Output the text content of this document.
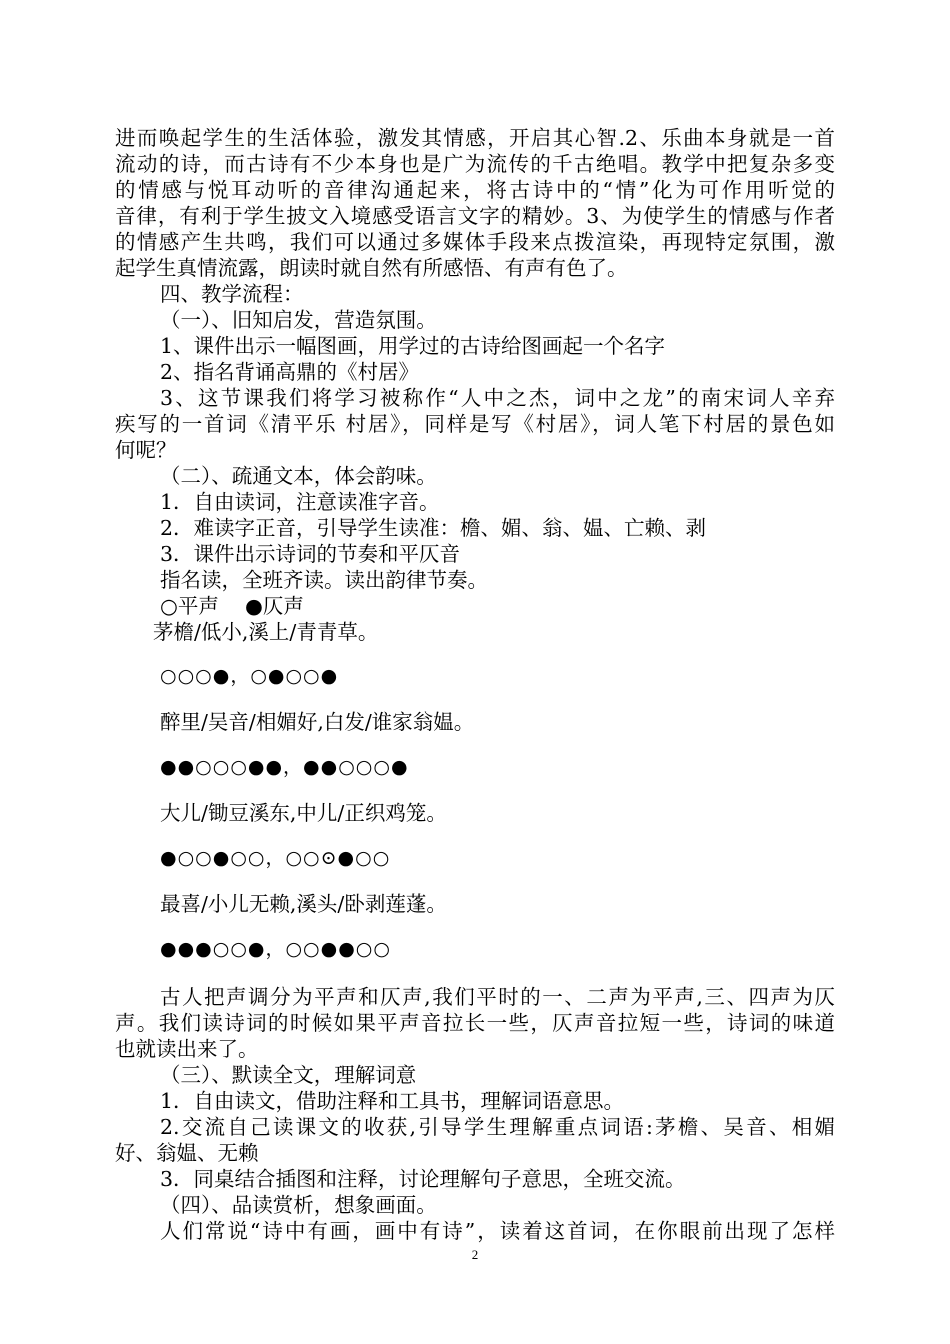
进而唤起学生的生活体验，激发其情感，开启其心智.2、乐曲本身就是一首
流动的诗，而古诗有不少本身也是广为流传的千古绝唱。教学中把复杂多变
的情感与悦耳动听的音律沟通起来，将古诗中的“情”化为可作用听觉的
音律，有利于学生披文入境感受语言文字的精妙。3、为使学生的情感与作者
的情感产生共鸣，我们可以通过多媒体手段来点拨渲染，再现特定氛围，激
起学生真情流露，朗读时就自然有所感悟、有声有色了。
四、教学流程：
（一）、旧知启发，营造氛围。
1、课件出示一幅图画，用学过的古诗给图画起一个名字
2、指名背诵高鼎的《村居》
3、这节课我们将学习被称作“人中之杰，词中之龙”的南宋词人辛弃
疾写的一首词《清平乐 村居》，同样是写《村居》，词人笔下村居的景色如
何呢？
（二）、疏通文本，体会韵味。
1．自由读词，注意读准字音。
2．难读字正音，引导学生读准：檐、媚、翁、媪、亡赖、剥
3．课件出示诗词的节奏和平仄音
指名读，全班齐读。读出韵律节奏。
○平声    ●仄声
茅檐/低小,溪上/青青草。
○○○●，○●○○●
醉里/吴音/相媚好,白发/谁家翁媪。
●●○○○●●，●●○○○●
大儿/锄豆溪东,中儿/正织鸡笼。
●○○●○○，○○⊙●○○
最喜/小儿无赖,溪头/卧剥莲蓬。
●●●○○●，○○●●○○
古人把声调分为平声和仄声,我们平时的一、二声为平声,三、四声为仄
声。我们读诗词的时候如果平声音拉长一些，仄声音拉短一些，诗词的味道
也就读出来了。
（三）、默读全文，理解词意
1．自由读文，借助注释和工具书，理解词语意思。
2.交流自己读课文的收获,引导学生理解重点词语:茅檐、吴音、相媚
好、翁媪、无赖
3．同桌结合插图和注释，讨论理解句子意思，全班交流。
（四）、品读赏析，想象画面。
人们常说“诗中有画，画中有诗”，读着这首词，在你眼前出现了怎样
2
